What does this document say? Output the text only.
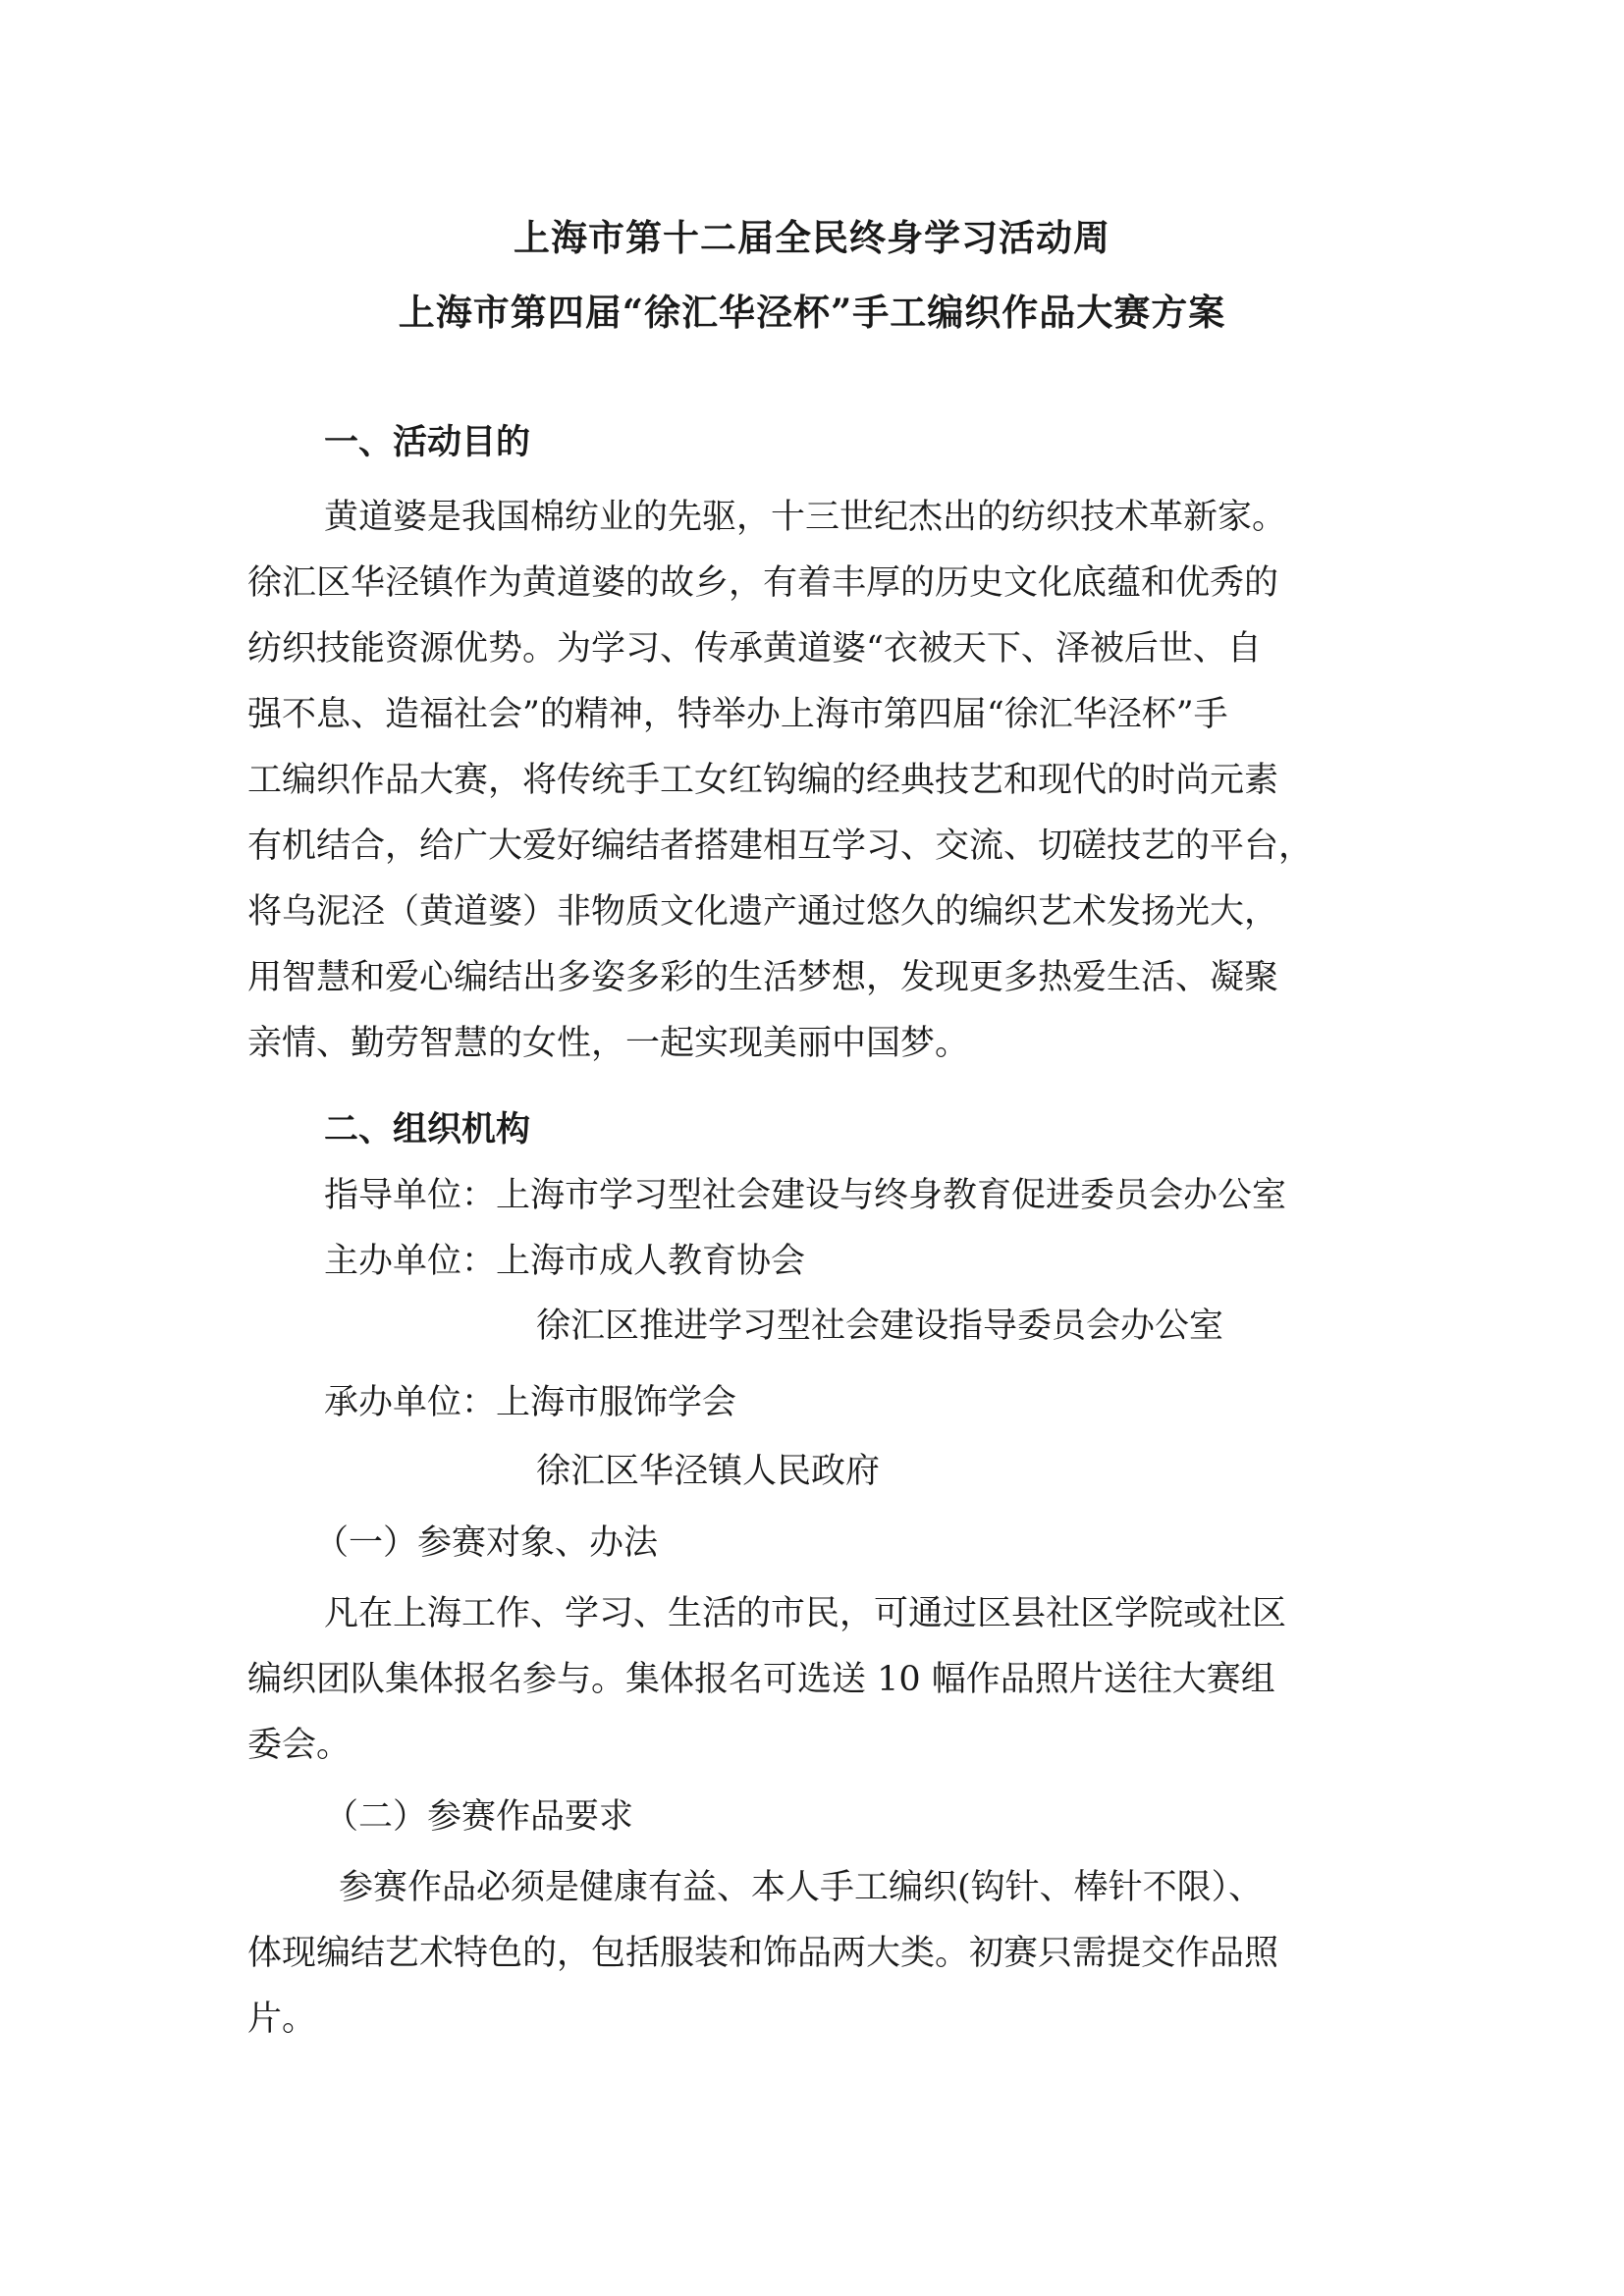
上海市第十二届全民终身学习活动周
上海市第四届“徐汇华泾杯”手工编织作品大赛方案
一、活动目的
黄道婆是我国棉纺业的先驱，十三世纪杰出的纺织技术革新家。
徐汇区华泾镇作为黄道婆的故乡，有着丰厚的历史文化底蕴和优秀的
纺织技能资源优势。为学习、传承黄道婆“衣被天下、泽被后世、自
强不息、造福社会”的精神，特举办上海市第四届“徐汇华泾杯”手
工编织作品大赛，将传统手工女红钩编的经典技艺和现代的时尚元素
有机结合，给广大爱好编结者搭建相互学习、交流、切磋技艺的平台，
将乌泥泾（黄道婆）非物质文化遗产通过悠久的编织艺术发扬光大，
用智慧和爱心编结出多姿多彩的生活梦想，发现更多热爱生活、凝聚
亲情、勤劳智慧的女性，一起实现美丽中国梦。
二、组织机构
指导单位：上海市学习型社会建设与终身教育促进委员会办公室
主办单位：上海市成人教育协会
徐汇区推进学习型社会建设指导委员会办公室
承办单位：上海市服饰学会
徐汇区华泾镇人民政府
（一）参赛对象、办法
凡在上海工作、学习、生活的市民，可通过区县社区学院或社区
编织团队集体报名参与。集体报名可选送 10 幅作品照片送往大赛组
委会。
（二）参赛作品要求
参赛作品必须是健康有益、本人手工编织(钩针、棒针不限）、
体现编结艺术特色的，包括服装和饰品两大类。初赛只需提交作品照
片。
